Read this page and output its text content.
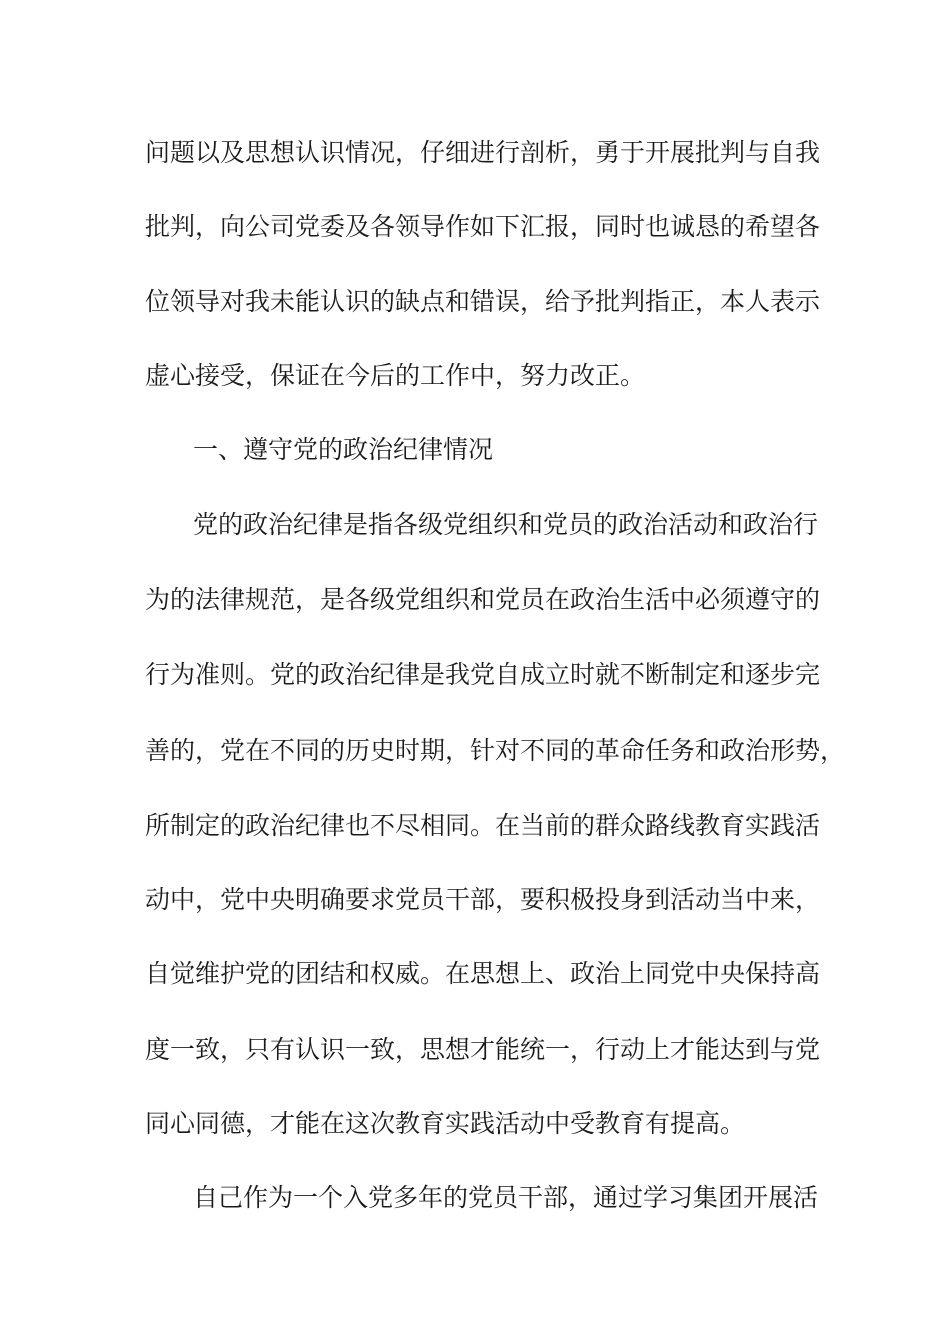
问题以及思想认识情况，仔细进行剖析，勇于开展批判与自我
批判，向公司党委及各领导作如下汇报，同时也诚恳的希望各
位领导对我未能认识的缺点和错误，给予批判指正，本人表示
虚心接受，保证在今后的工作中，努力改正。
一、遵守党的政治纪律情况
党的政治纪律是指各级党组织和党员的政治活动和政治行
为的法律规范，是各级党组织和党员在政治生活中必须遵守的
行为准则。党的政治纪律是我党自成立时就不断制定和逐步完
善的，党在不同的历史时期，针对不同的革命任务和政治形势，
所制定的政治纪律也不尽相同。在当前的群众路线教育实践活
动中，党中央明确要求党员干部，要积极投身到活动当中来，
自觉维护党的团结和权威。在思想上、政治上同党中央保持高
度一致，只有认识一致，思想才能统一，行动上才能达到与党
同心同德，才能在这次教育实践活动中受教育有提高。
自己作为一个入党多年的党员干部，通过学习集团开展活
